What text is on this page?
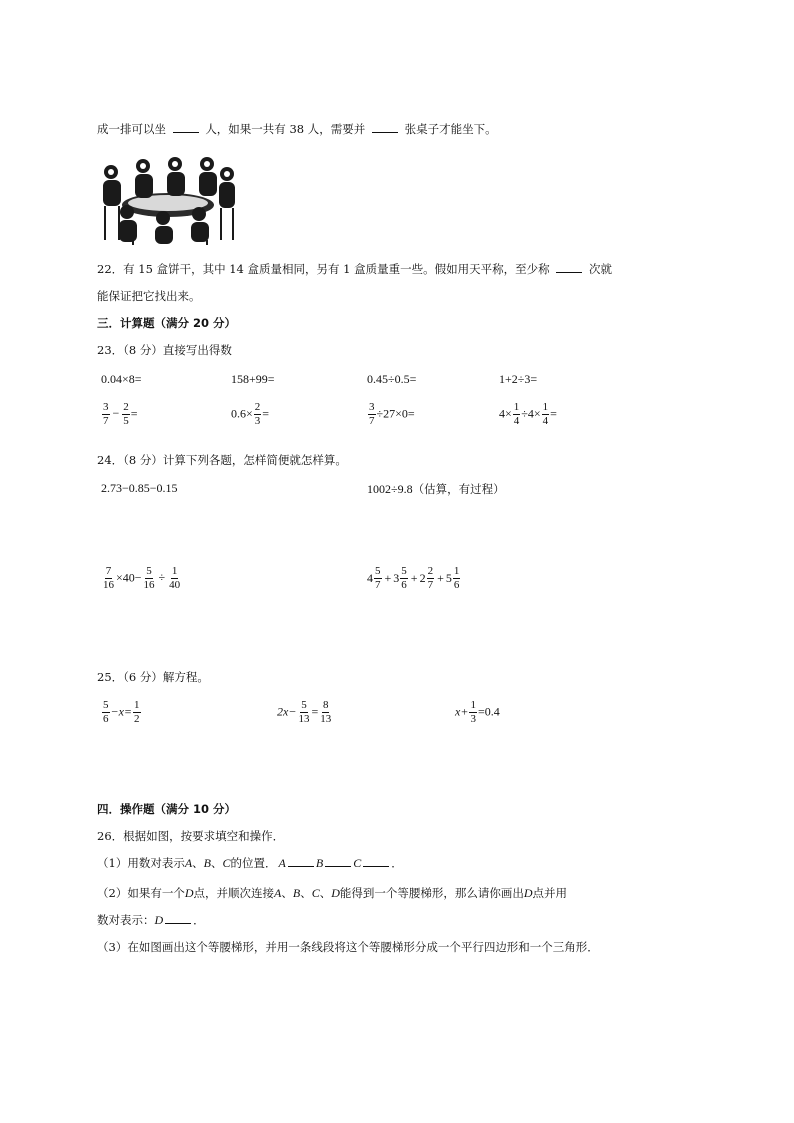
成一排可以坐	人，如果一共有 38 人，需要并	张桌子才能坐下。
22．有 15 盒饼干，其中 14 盒质量相同，另有 1 盒质量重一些。假如用天平称，至少称	次就
能保证把它找出来。
三．计算题（满分 20 分）
23．（8 分）直接写出得数
0.04×8=	158+99=	0.45÷0.5=	1+2÷3=
$\frac{3}{7} - \frac{2}{5}$ =	$0.6\times \frac{2}{3}$ =	$\frac{3}{7} \div 27\times 0=$	$4\times \frac{1}{4} \div 4\times \frac{1}{4}$ =
24．（8 分）计算下列各题，怎样简便就怎样算。
2.73−0.85−0.15	1002÷9.8（估算，有过程）
$\frac{7}{16} \times 40- \frac{5}{16} \div \frac{1}{40}$	$4 \frac{5}{7} + 3 \frac{5}{6} + 2 \frac{2}{7} + 5 \frac{1}{6}$
25．（6 分）解方程。
$\frac{5}{6} -x= \frac{1}{2}$	$2x- \frac{5}{13} = \frac{8}{13}$	$x+ \frac{1}{3} =0.4$
四．操作题（满分 10 分）
26．根据如图，按要求填空和操作．
（1）用数对表示A、B、C的位置． A	B	C	．
（2）如果有一个D点，并顺次连接A、B、C、D能得到一个等腰梯形，那么请你画出D点并用
数对表示：D	．
（3）在如图画出这个等腰梯形，并用一条线段将这个等腰梯形分成一个平行四边形和一个三角形．
